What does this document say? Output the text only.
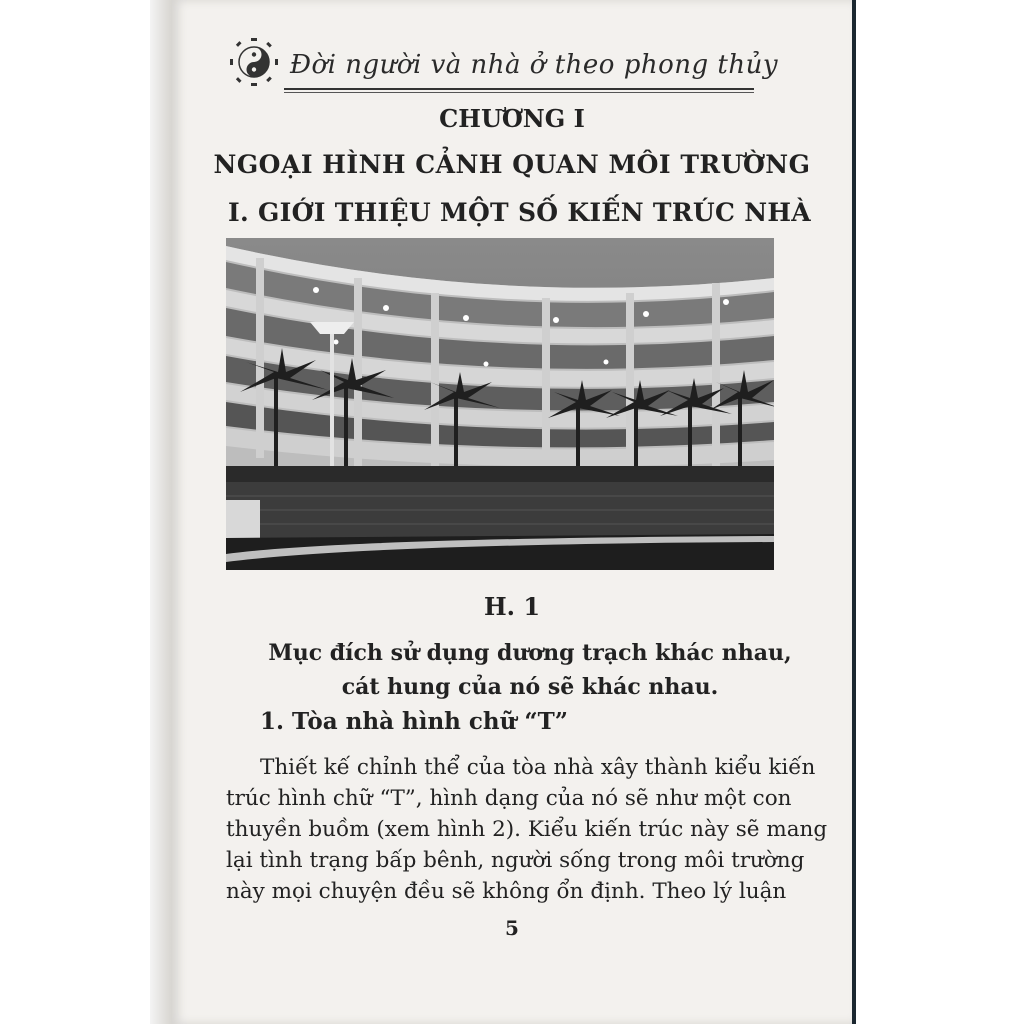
Đời người và nhà ở theo phong thủy
CHƯƠNG I
NGOẠI HÌNH CẢNH QUAN MÔI TRƯỜNG
I. GIỚI THIỆU MỘT SỐ KIẾN TRÚC NHÀ
H. 1
Mục đích sử dụng dương trạch khác nhau,
cát hung của nó sẽ khác nhau.
1. Tòa nhà hình chữ “T”
Thiết kế chỉnh thể của tòa nhà xây thành kiểu kiến
trúc hình chữ “T”, hình dạng của nó sẽ như một con
thuyền buồm (xem hình 2). Kiểu kiến trúc này sẽ mang
lại tình trạng bấp bênh, người sống trong môi trường
này mọi chuyện đều sẽ không ổn định. Theo lý luận
5
